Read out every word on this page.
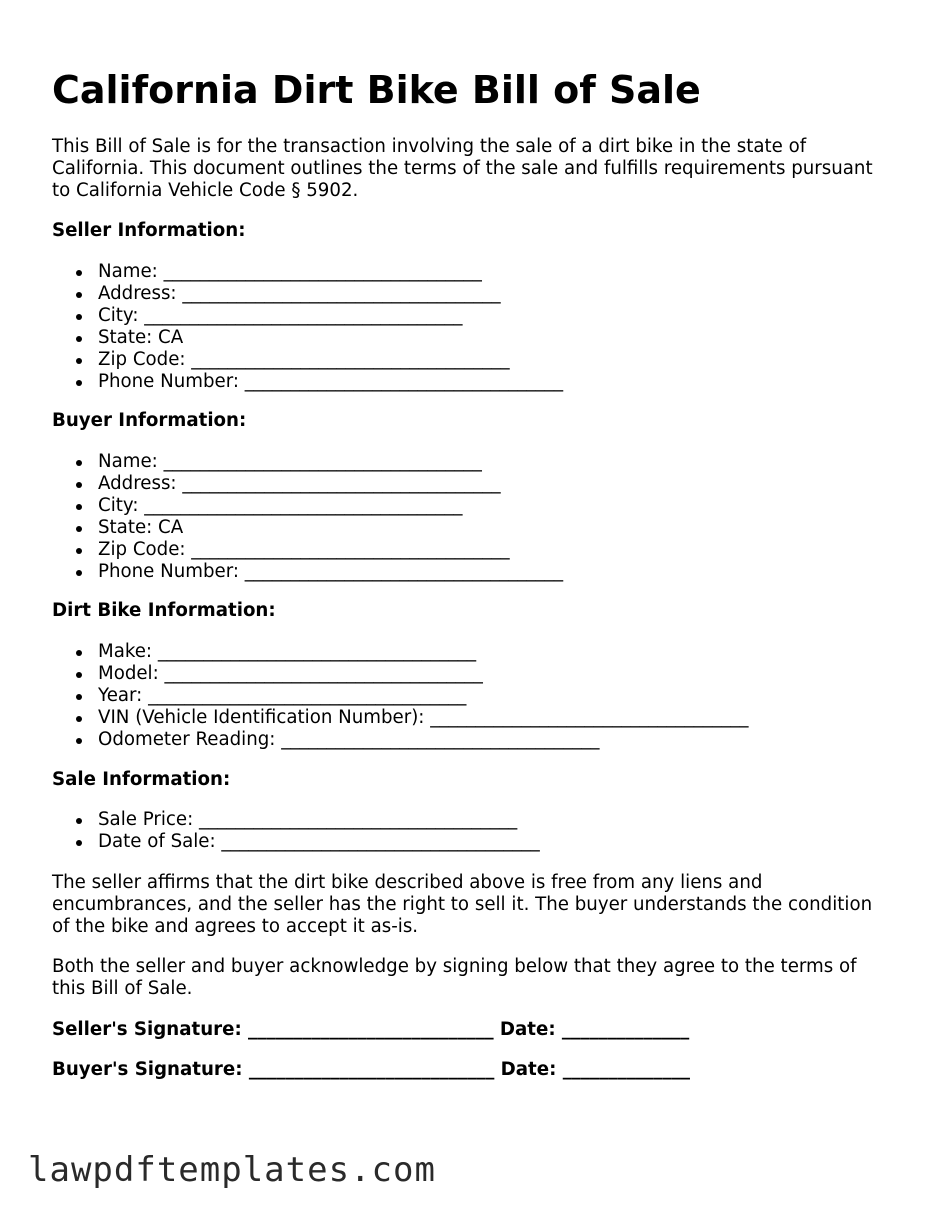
California Dirt Bike Bill of Sale

This Bill of Sale is for the transaction involving the sale of a dirt bike in the state of California. This document outlines the terms of the sale and fulfills requirements pursuant to California Vehicle Code § 5902.

Seller Information:

Name: ___________________________________
Address: ___________________________________
City: ___________________________________
State: CA
Zip Code: ___________________________________
Phone Number: ___________________________________

Buyer Information:

Name: ___________________________________
Address: ___________________________________
City: ___________________________________
State: CA
Zip Code: ___________________________________
Phone Number: ___________________________________

Dirt Bike Information:

Make: ___________________________________
Model: ___________________________________
Year: ___________________________________
VIN (Vehicle Identification Number): ___________________________________
Odometer Reading: ___________________________________

Sale Information:

Sale Price: ___________________________________
Date of Sale: ___________________________________

The seller affirms that the dirt bike described above is free from any liens and encumbrances, and the seller has the right to sell it. The buyer understands the condition of the bike and agrees to accept it as-is.

Both the seller and buyer acknowledge by signing below that they agree to the terms of this Bill of Sale.

Seller's Signature: ___________________________ Date: ______________

Buyer's Signature: ___________________________ Date: ______________

lawpdftemplates.com
